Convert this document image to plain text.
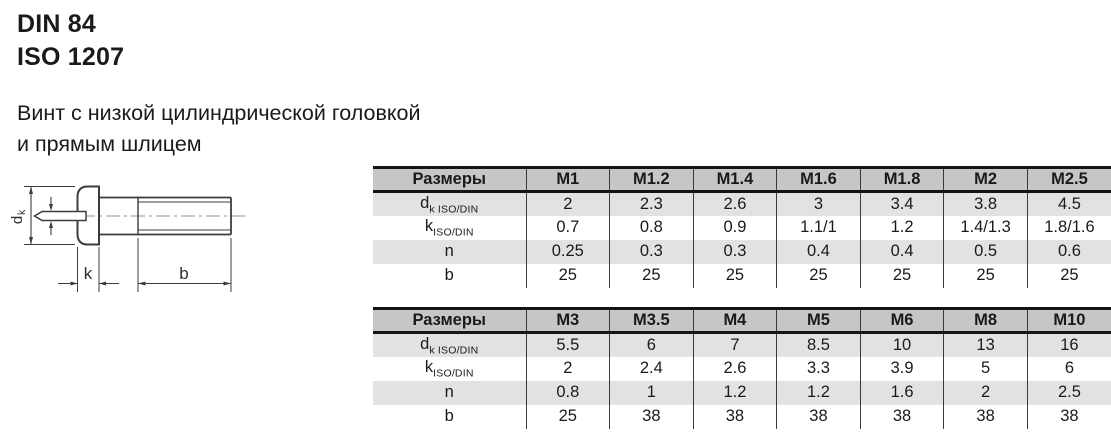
DIN 84
ISO 1207
Винт с низкой цилиндрической головкой
и прямым шлицем
d
k
k	b
Размеры	M1	M1.2	M1.4	M1.6	M1.8	M2	M2.5
$d_{k ISO/DIN}$	2	2.3	2.6	3	3.4	3.8	4.5
$k_{ISO/DIN}$	0.7	0.8	0.9	1.1/1	1.2	1.4/1.3	1.8/1.6
n	0.25	0.3	0.3	0.4	0.4	0.5	0.6
b	25	25	25	25	25	25	25
Размеры	M3	M3.5	M4	M5	M6	M8	M10
$d_{k ISO/DIN}$	5.5	6	7	8.5	10	13	16
$k_{ISO/DIN}$	2	2.4	2.6	3.3	3.9	5	6
n	0.8	1	1.2	1.2	1.6	2	2.5
b	25	38	38	38	38	38	38
